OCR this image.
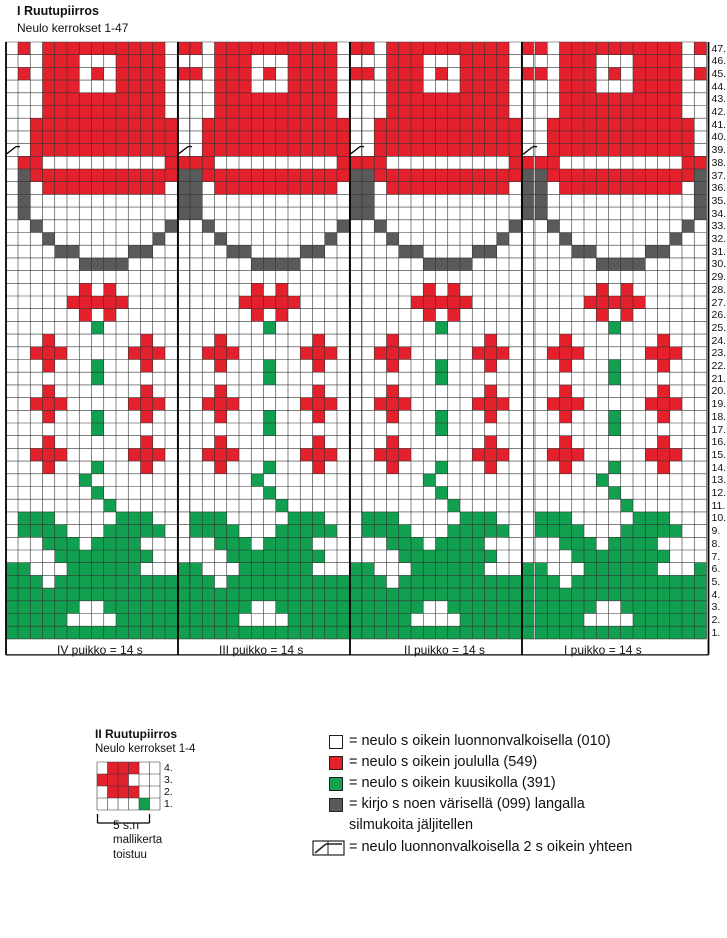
I Ruutupiirros
Neulo kerrokset 1-47
47.
46.
45.
44.
43.
42.
41.
40.
39.
38.
37.
36.
35.
34.
33.
32.
31.
30.
29.
28.
27.
26.
25.
24.
23.
22.
21.
20.
19.
18.
17.
16.
15.
14.
13.
12.
11.
10.
9.
8.
7.
6.
5.
4.
3.
2.
1.
IV puikko = 14 s	III puikko = 14 s	II puikko = 14 s	I puikko = 14 s
II Ruutupiirros
Neulo kerrokset 1-4
4.
3.
2.
1.
5 s:n
mallikerta
toistuu
= neulo s oikein luonnonvalkoisella (010)
= neulo s oikein joululla (549)
= neulo s oikein kuusikolla (391)
= kirjo s noen värisellä (099) langalla
silmukoita jäljitellen
= neulo luonnonvalkoisella 2 s oikein yhteen
